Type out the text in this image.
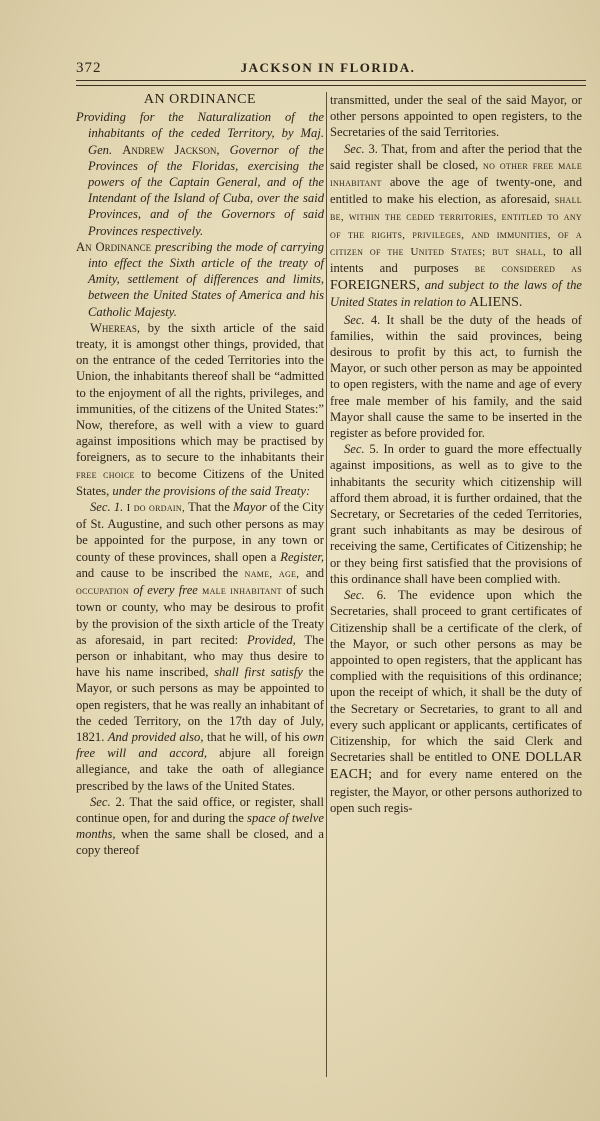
372	JACKSON IN FLORIDA.

AN ORDINANCE

Providing for the Naturalization of the inhabitants of the ceded Territory, by Maj. Gen. Andrew Jackson, Governor of the Provinces of the Floridas, exercising the powers of the Captain General, and of the Intendant of the Island of Cuba, over the said Provinces, and of the Governors of said Provinces respectively.

An Ordinance prescribing the mode of carrying into effect the Sixth article of the treaty of Amity, settlement of differences and limits, between the United States of America and his Catholic Majesty.

Whereas, by the sixth article of the said treaty, it is amongst other things, provided, that on the entrance of the ceded Territories into the Union, the inhabitants thereof shall be “admitted to the enjoyment of all the rights, privileges, and immunities, of the citizens of the United States:” Now, therefore, as well with a view to guard against impositions which may be practised by foreigners, as to secure to the inhabitants their free choice to become Citizens of the United States, under the provisions of the said Treaty:

Sec. 1. I do ordain, That the Mayor of the City of St. Augustine, and such other persons as may be appointed for the purpose, in any town or county of these provinces, shall open a Register, and cause to be inscribed the name, age, and occupation of every free male inhabitant of such town or county, who may be desirous to profit by the provision of the sixth article of the Treaty as aforesaid, in part recited: Provided, The person or inhabitant, who may thus desire to have his name inscribed, shall first satisfy the Mayor, or such persons as may be appointed to open registers, that he was really an inhabitant of the ceded Territory, on the 17th day of July, 1821. And provided also, that he will, of his own free will and accord, abjure all foreign allegiance, and take the oath of allegiance prescribed by the laws of the United States.

Sec. 2. That the said office, or register, shall continue open, for and during the space of twelve months, when the same shall be closed, and a copy thereof

transmitted, under the seal of the said Mayor, or other persons appointed to open registers, to the Secretaries of the said Territories.

Sec. 3. That, from and after the period that the said register shall be closed, no other free male inhabitant above the age of twenty-one, and entitled to make his election, as aforesaid, shall be, within the ceded territories, entitled to any of the rights, privileges, and immunities, of a citizen of the United States; but shall, to all intents and purposes be considered as FOREIGNERS, and subject to the laws of the United States in relation to ALIENS.

Sec. 4. It shall be the duty of the heads of families, within the said provinces, being desirous to profit by this act, to furnish the Mayor, or such other person as may be appointed to open registers, with the name and age of every free male member of his family, and the said Mayor shall cause the same to be inserted in the register as before provided for.

Sec. 5. In order to guard the more effectually against impositions, as well as to give to the inhabitants the security which citizenship will afford them abroad, it is further ordained, that the Secretary, or Secretaries of the ceded Territories, grant such inhabitants as may be desirous of receiving the same, Certificates of Citizenship; he or they being first satisfied that the provisions of this ordinance shall have been complied with.

Sec. 6. The evidence upon which the Secretaries, shall proceed to grant certificates of Citizenship shall be a certificate of the clerk, of the Mayor, or such other persons as may be appointed to open registers, that the applicant has complied with the requisitions of this ordinance; upon the receipt of which, it shall be the duty of the Secretary or Secretaries, to grant to all and every such applicant or applicants, certificates of Citizenship, for which the said Clerk and Secretaries shall be entitled to ONE DOLLAR EACH; and for every name entered on the register, the Mayor, or other persons authorized to open such regis-
